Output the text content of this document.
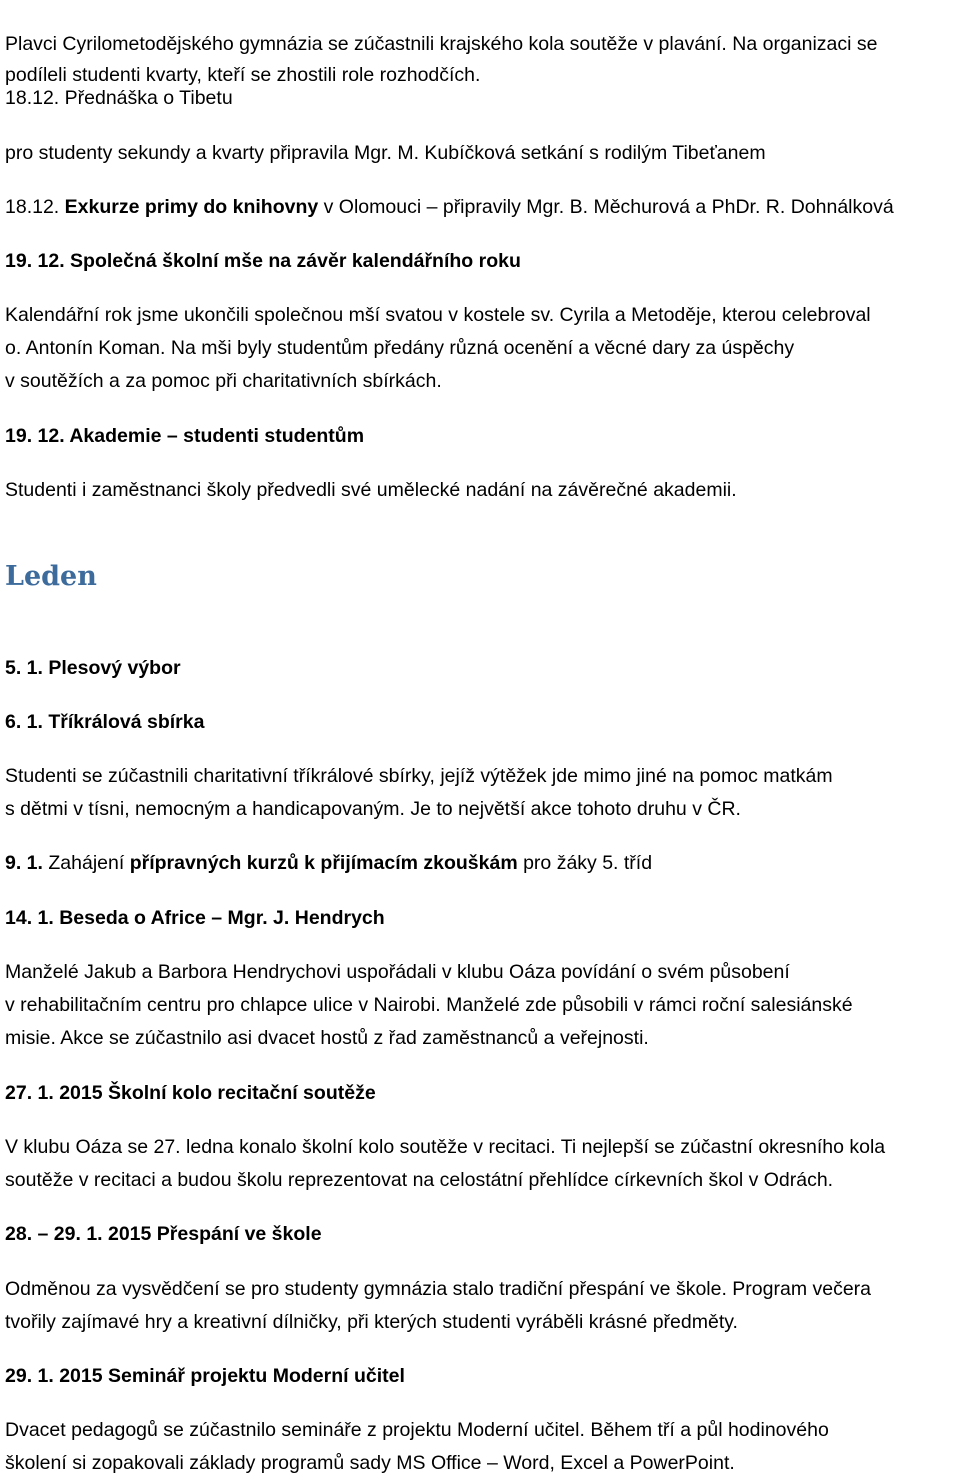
Plavci Cyrilometodějského gymnázia se zúčastnili krajského kola soutěže v plavání. Na organizaci se
podíleli studenti kvarty, kteří se zhostili role rozhodčích.
18.12. Přednáška o Tibetu
pro studenty sekundy a kvarty připravila Mgr. M. Kubíčková setkání s rodilým Tibeťanem
18.12. Exkurze primy do knihovny v Olomouci – připravily Mgr. B. Měchurová a PhDr. R. Dohnálková
19. 12. Společná školní mše na závěr kalendářního roku
Kalendářní rok jsme ukončili společnou mší svatou v kostele sv. Cyrila a Metoděje, kterou celebroval
o. Antonín Koman. Na mši byly studentům předány různá ocenění a věcné dary za úspěchy
v soutěžích a za pomoc při charitativních sbírkách.
19. 12. Akademie – studenti studentům
Studenti i zaměstnanci školy předvedli své umělecké nadání na závěrečné akademii.
Leden
5. 1. Plesový výbor
6. 1. Tříkrálová sbírka
Studenti se zúčastnili charitativní tříkrálové sbírky, jejíž výtěžek jde mimo jiné na pomoc matkám
s dětmi v tísni, nemocným a handicapovaným. Je to největší akce tohoto druhu v ČR.
9. 1. Zahájení přípravných kurzů k přijímacím zkouškám pro žáky 5. tříd
14. 1. Beseda o Africe – Mgr. J. Hendrych
Manželé Jakub a Barbora Hendrychovi uspořádali v klubu Oáza povídání o svém působení
v rehabilitačním centru pro chlapce ulice v Nairobi. Manželé zde působili v rámci roční salesiánské
misie. Akce se zúčastnilo asi dvacet hostů z řad zaměstnanců a veřejnosti.
27. 1. 2015 Školní kolo recitační soutěže
V klubu Oáza se 27. ledna konalo školní kolo soutěže v recitaci. Ti nejlepší se zúčastní okresního kola
soutěže v recitaci a budou školu reprezentovat na celostátní přehlídce církevních škol v Odrách.
28. – 29. 1. 2015 Přespání ve škole
Odměnou za vysvědčení se pro studenty gymnázia stalo tradiční přespání ve škole. Program večera
tvořily zajímavé hry a kreativní dílničky, při kterých studenti vyráběli krásné předměty.
29. 1. 2015 Seminář projektu Moderní učitel
Dvacet pedagogů se zúčastnilo semináře z projektu Moderní učitel. Během tří a půl hodinového
školení si zopakovali základy programů sady MS Office – Word, Excel a PowerPoint.
